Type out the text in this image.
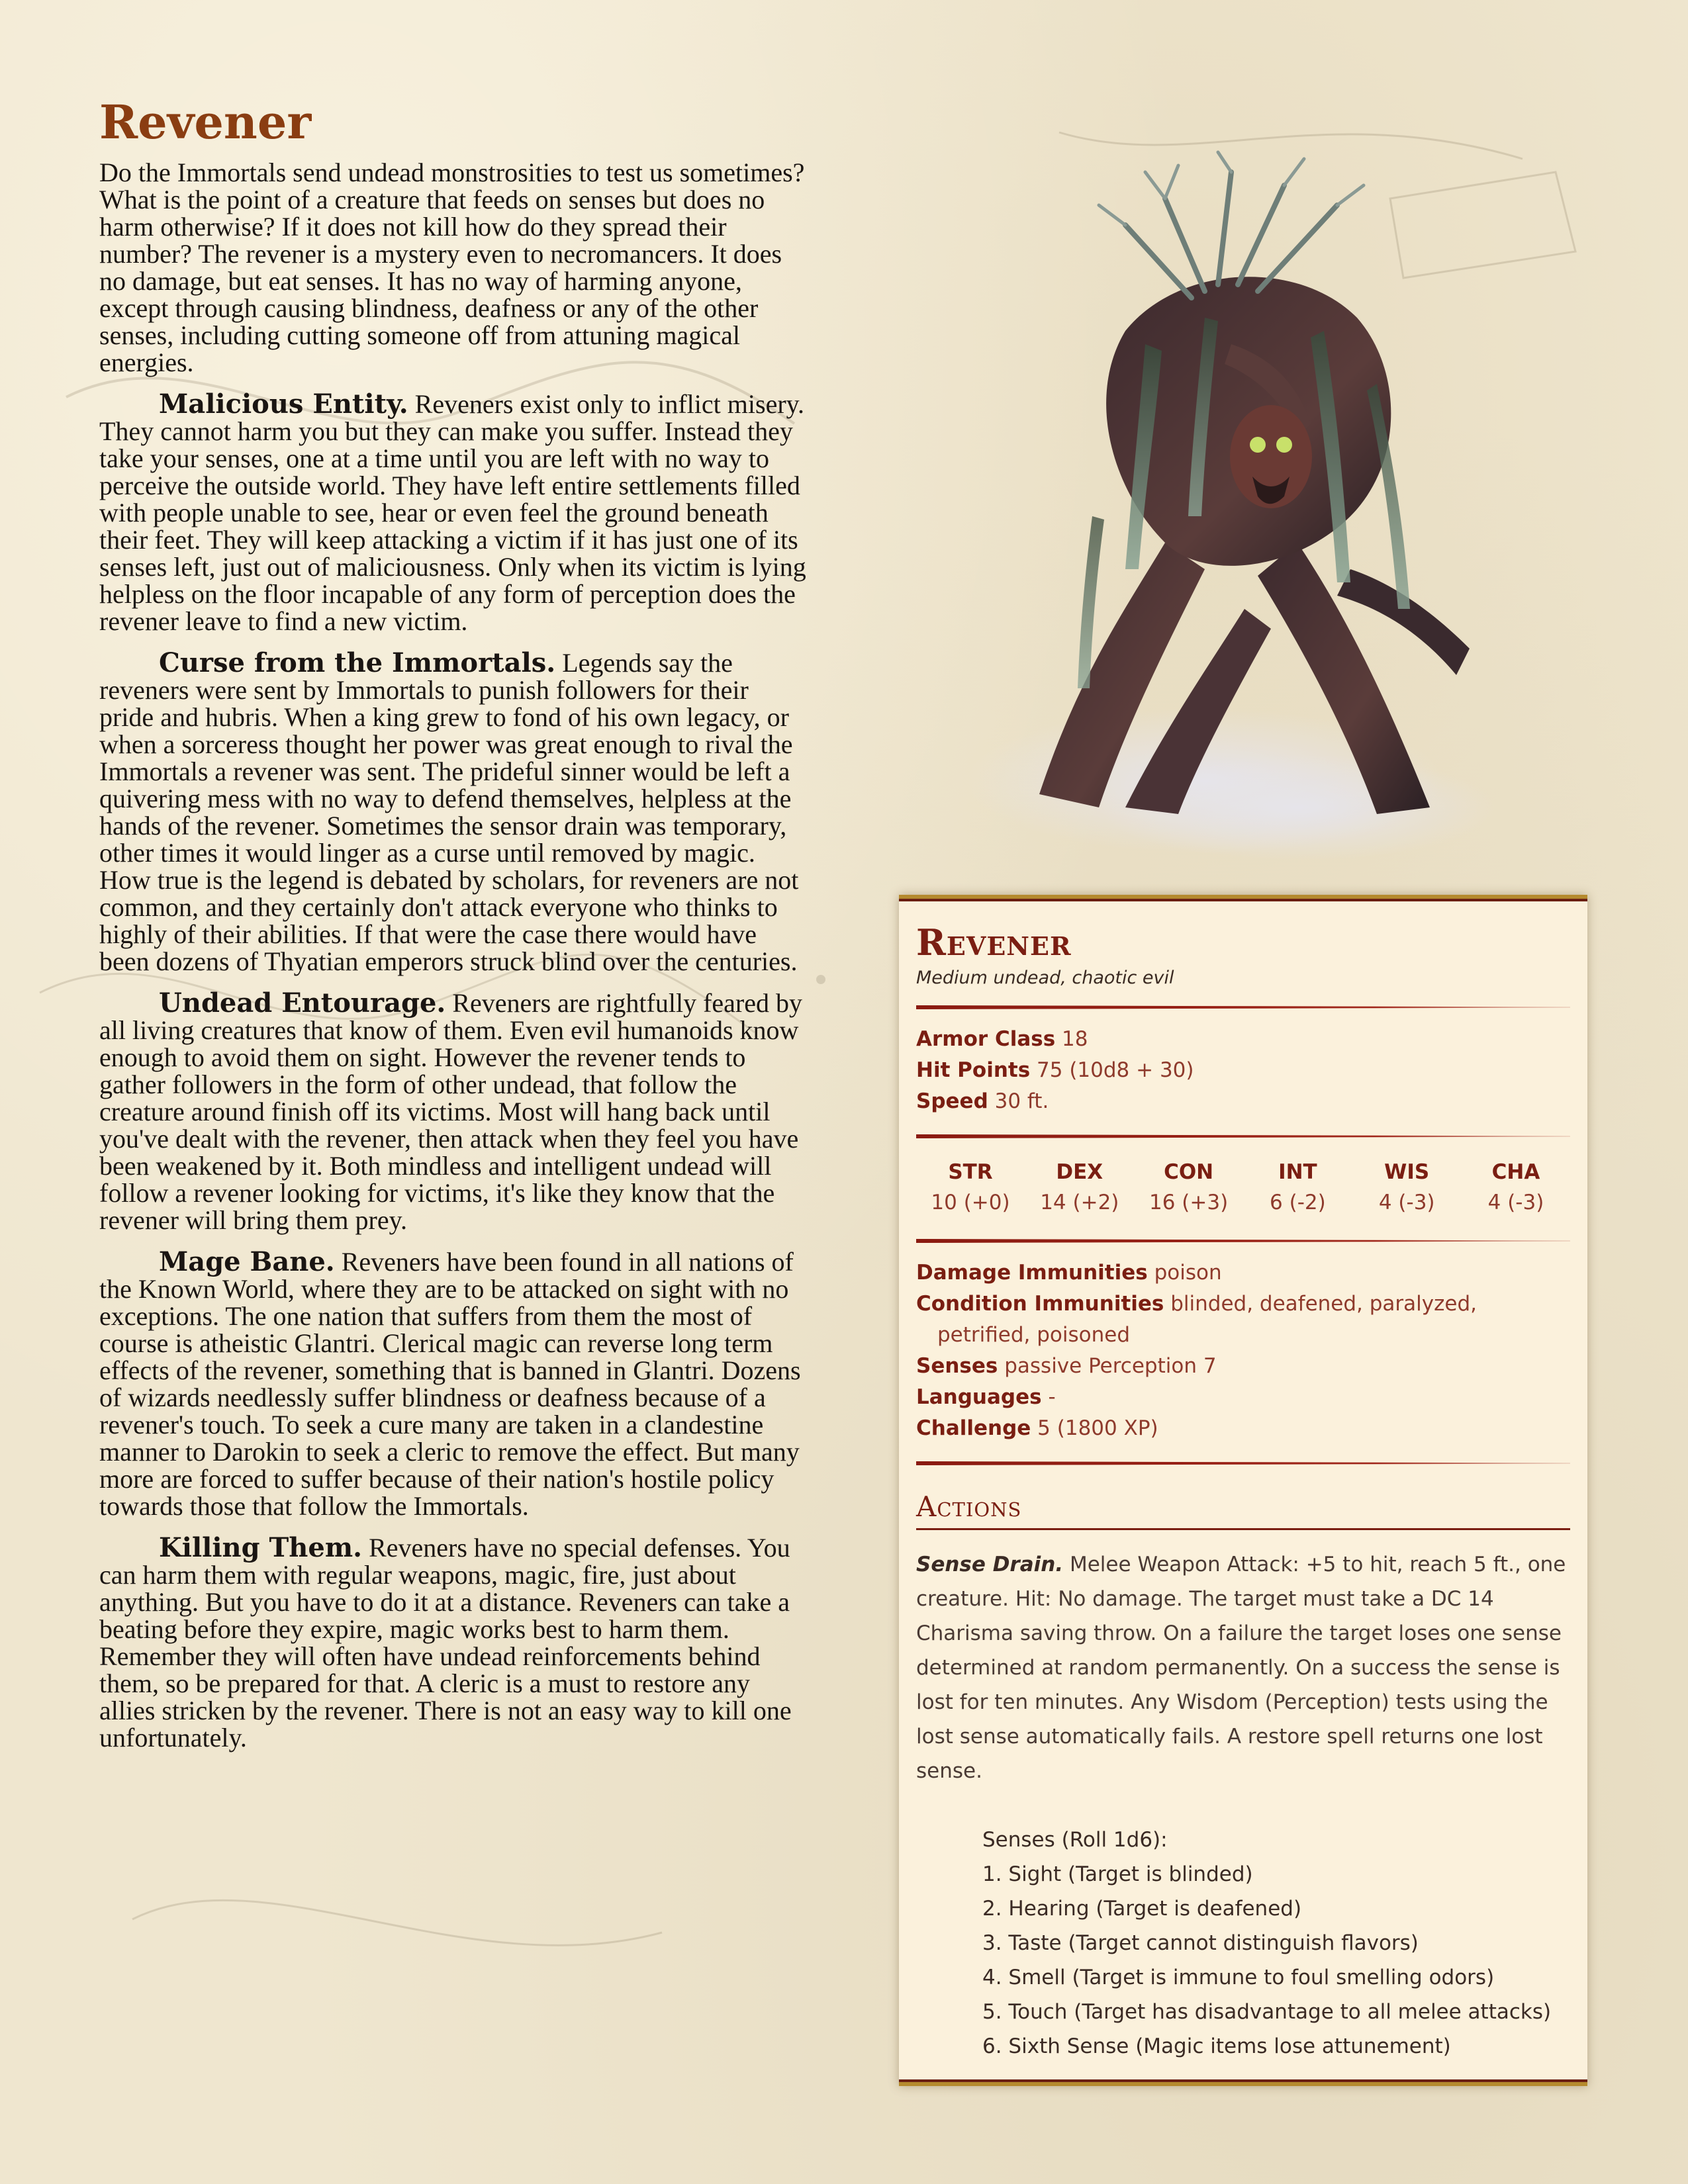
Revener

Do the Immortals send undead monstrosities to test us sometimes? What is the point of a creature that feeds on senses but does no harm otherwise? If it does not kill how do they spread their number? The revener is a mystery even to necromancers. It does no damage, but eat senses. It has no way of harming anyone, except through causing blindness, deafness or any of the other senses, including cutting someone off from attuning magical energies.

Malicious Entity. Reveners exist only to inflict misery. They cannot harm you but they can make you suffer. Instead they take your senses, one at a time until you are left with no way to perceive the outside world. They have left entire settlements filled with people unable to see, hear or even feel the ground beneath their feet. They will keep attacking a victim if it has just one of its senses left, just out of maliciousness. Only when its victim is lying helpless on the floor incapable of any form of perception does the revener leave to find a new victim.

Curse from the Immortals. Legends say the reveners were sent by Immortals to punish followers for their pride and hubris. When a king grew to fond of his own legacy, or when a sorceress thought her power was great enough to rival the Immortals a revener was sent. The prideful sinner would be left a quivering mess with no way to defend themselves, helpless at the hands of the revener. Sometimes the sensor drain was temporary, other times it would linger as a curse until removed by magic. How true is the legend is debated by scholars, for reveners are not common, and they certainly don't attack everyone who thinks to highly of their abilities. If that were the case there would have been dozens of Thyatian emperors struck blind over the centuries.

Undead Entourage. Reveners are rightfully feared by all living creatures that know of them. Even evil humanoids know enough to avoid them on sight. However the revener tends to gather followers in the form of other undead, that follow the creature around finish off its victims. Most will hang back until you've dealt with the revener, then attack when they feel you have been weakened by it. Both mindless and intelligent undead will follow a revener looking for victims, it's like they know that the revener will bring them prey.

Mage Bane. Reveners have been found in all nations of the Known World, where they are to be attacked on sight with no exceptions. The one nation that suffers from them the most of course is atheistic Glantri. Clerical magic can reverse long term effects of the revener, something that is banned in Glantri. Dozens of wizards needlessly suffer blindness or deafness because of a revener's touch. To seek a cure many are taken in a clandestine manner to Darokin to seek a cleric to remove the effect. But many more are forced to suffer because of their nation's hostile policy towards those that follow the Immortals.

Killing Them. Reveners have no special defenses. You can harm them with regular weapons, magic, fire, just about anything. But you have to do it at a distance. Reveners can take a beating before they expire, magic works best to harm them. Remember they will often have undead reinforcements behind them, so be prepared for that. A cleric is a must to restore any allies stricken by the revener. There is not an easy way to kill one unfortunately.

Revener
Medium undead, chaotic evil
Armor Class 18
Hit Points 75 (10d8 + 30)
Speed 30 ft.
STR
10 (+0)
DEX
14 (+2)
CON
16 (+3)
INT
6 (-2)
WIS
4 (-3)
CHA
4 (-3)
Damage Immunities poison
Condition Immunities blinded, deafened, paralyzed, petrified, poisoned
Senses passive Perception 7
Languages -
Challenge 5 (1800 XP)
Actions
Sense Drain. Melee Weapon Attack: +5 to hit, reach 5 ft., one creature. Hit: No damage. The target must take a DC 14 Charisma saving throw. On a failure the target loses one sense determined at random permanently. On a success the sense is lost for ten minutes. Any Wisdom (Perception) tests using the lost sense automatically fails. A restore spell returns one lost sense.
Senses (Roll 1d6):
1. Sight (Target is blinded)
2. Hearing (Target is deafened)
3. Taste (Target cannot distinguish flavors)
4. Smell (Target is immune to foul smelling odors)
5. Touch (Target has disadvantage to all melee attacks)
6. Sixth Sense (Magic items lose attunement)
